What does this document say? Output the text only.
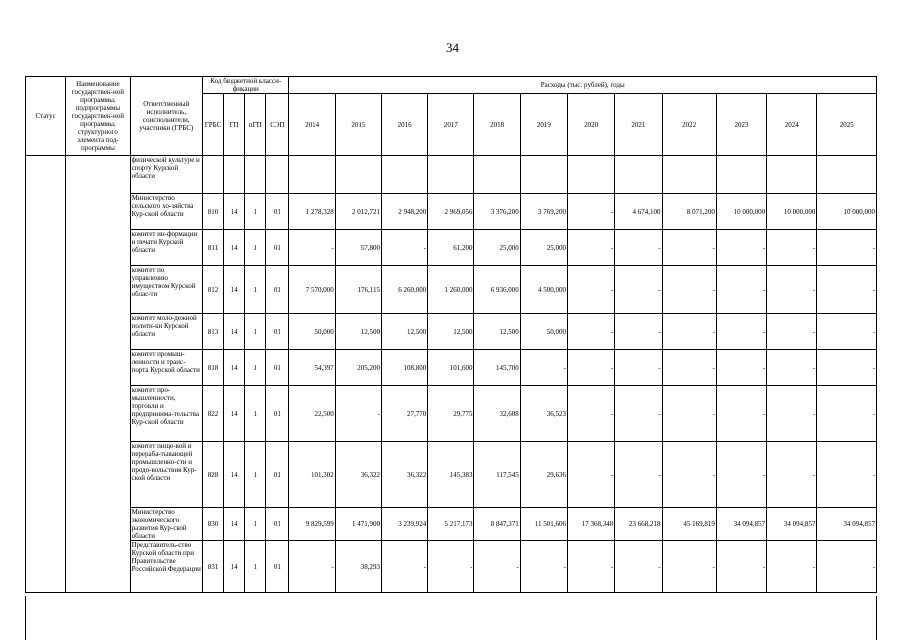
34
Статус	Наименование государствен-ной программы, подпрограммы государствен-ной программы, структурного элемента под-программы	Ответственный исполнитель, соисполнители, участники (ГРБС)	Код бюджетной класси-фикации				Расходы (тыс. рублей), годы											
			ГРБС	ГП	пГП	СЭП	2014	2015	2016	2017	2018	2019	2020	2021	2022	2023	2024	2025
		физической культуре и спорту Курской области																
		Министерство сельского хо-зяйства Кур-ской области	810	14	1	01	1 278,328	2 012,721	2 948,200	2 969,056	3 376,200	3 769,200	-	4 674,100	8 071,200	10 000,000	10 000,000	10 000,000
		комитет ин-формации и печати Курской области	811	14	1	01	-	57,800	-	61,200	25,000	25,000	-	-	-	-	-	-
		комитет по управлению имуществом Курской облас-ти	812	14	1	01	7 570,000	176,115	6 260,000	1 260,000	6 936,000	4 500,000	-	-	-	-	-	-
		комитет моло-дежной полити-ки Курской области	813	14	1	01	50,000	12,500	12,500	12,500	12,500	50,000	-	-	-	-	-	-
		комитет промыш-ленности и транс-порта Курской области	818	14	1	01	54,397	205,200	108,800	101,600	145,700	-	-	-	-	-	-	-
		комитет про-мышленности, торговли и предпринима-тельства Кур-ской области	822	14	1	01	22,500	-	27,770	29,775	32,608	36,523	-	-	-	-	-	-
		комитет пище-вой и перераба-тывающей промышленно-сти и продо-вольствия Кур-ской области	828	14	1	01	101,302	36,322	36,322	145,383	117,545	29,636	-	-	-	-	-	-
		Министерство экономического развития Кур-ской области	830	14	1	01	9 829,599	1 471,900	3 239,924	5 217,173	8 847,371	11 501,606	17 368,348	23 668,218	45 169,819	34 094,857	34 094,857	34 094,857
		Представитель-ство Курской области при Правительстве Российской Федерации	831	14	1	01	-	38,293	-	-	-	-	-	-	-	-	-	-
